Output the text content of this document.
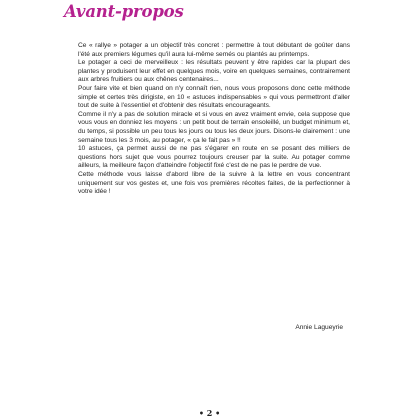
Avant-propos

Ce « rallye » potager a un objectif très concret : permettre à tout débutant de goûter dans l'été aux premiers légumes qu'il aura lui-même semés ou plantés au printemps.

Le potager a ceci de merveilleux : les résultats peuvent y être rapides car la plupart des plantes y produisent leur effet en quelques mois, voire en quelques semaines, contrairement aux arbres fruitiers ou aux chênes centenaires...

Pour faire vite et bien quand on n'y connaît rien, nous vous proposons donc cette méthode simple et certes très dirigiste, en 10 « astuces indispensables » qui vous permettront d'aller tout de suite à l'essentiel et d'obtenir des résultats encourageants.

Comme il n'y a pas de solution miracle et si vous en avez vraiment envie, cela suppose que vous vous en donniez les moyens : un petit bout de terrain ensoleillé, un budget minimum et, du temps, si possible un peu tous les jours ou tous les deux jours. Disons-le clairement : une semaine tous les 3 mois, au potager, « ça le fait pas » !!

10 astuces, ça permet aussi de ne pas s'égarer en route en se posant des milliers de questions hors sujet que vous pourrez toujours creuser par la suite. Au potager comme ailleurs, la meilleure façon d'atteindre l'objectif fixé c'est de ne pas le perdre de vue.

Cette méthode vous laisse d'abord libre de la suivre à la lettre en vous concentrant uniquement sur vos gestes et, une fois vos premières récoltes faites, de la perfectionner à votre idée !

Annie Lagueyrie
• 2 •
